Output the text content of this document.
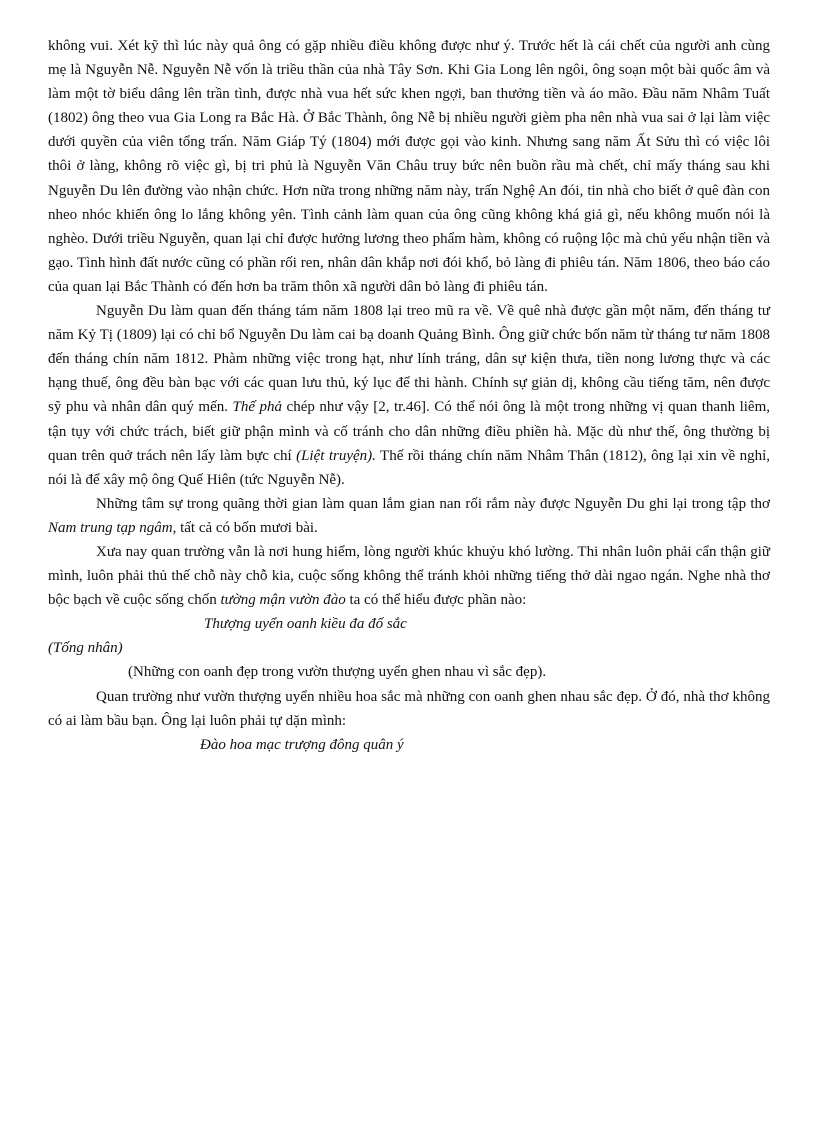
không vui. Xét kỹ thì lúc này quả ông có gặp nhiều điều không được như ý. Trước hết là cái chết của người anh cùng mẹ là Nguyễn Nễ. Nguyễn Nễ vốn là triều thần của nhà Tây Sơn. Khi Gia Long lên ngôi, ông soạn một bài quốc âm và làm một tờ biểu dâng lên trần tình, được nhà vua hết sức khen ngợi, ban thưởng tiền và áo mão. Đầu năm Nhâm Tuất (1802) ông theo vua Gia Long ra Bắc Hà. Ở Bắc Thành, ông Nễ bị nhiều người gièm pha nên nhà vua sai ở lại làm việc dưới quyền của viên tổng trấn. Năm Giáp Tý (1804) mới được gọi vào kinh. Nhưng sang năm Ất Sửu thì có việc lôi thôi ở làng, không rõ việc gì, bị tri phủ là Nguyễn Văn Châu truy bức nên buồn rầu mà chết, chỉ mấy tháng sau khi Nguyễn Du lên đường vào nhận chức. Hơn nữa trong những năm này, trấn Nghệ An đói, tin nhà cho biết ở quê đàn con nheo nhóc khiến ông lo lắng không yên. Tình cảnh làm quan của ông cũng không khá giả gì, nếu không muốn nói là nghèo. Dưới triều Nguyễn, quan lại chỉ được hưởng lương theo phẩm hàm, không có ruộng lộc mà chủ yếu nhận tiền và gạo. Tình hình đất nước cũng có phần rối ren, nhân dân khắp nơi đói khổ, bỏ làng đi phiêu tán. Năm 1806, theo báo cáo của quan lại Bắc Thành có đến hơn ba trăm thôn xã người dân bỏ làng đi phiêu tán.

Nguyễn Du làm quan đến tháng tám năm 1808 lại treo mũ ra về. Về quê nhà được gần một năm, đến tháng tư năm Kỷ Tị (1809) lại có chỉ bổ Nguyễn Du làm cai bạ doanh Quảng Bình. Ông giữ chức bốn năm từ tháng tư năm 1808 đến tháng chín năm 1812. Phàm những việc trong hạt, như lính tráng, dân sự kiện thưa, tiền nong lương thực và các hạng thuế, ông đều bàn bạc với các quan lưu thủ, ký lục để thi hành. Chính sự giản dị, không cầu tiếng tăm, nên được sỹ phu và nhân dân quý mến. Thế phả chép như vậy [2, tr.46]. Có thể nói ông là một trong những vị quan thanh liêm, tận tụy với chức trách, biết giữ phận mình và cố tránh cho dân những điều phiền hà. Mặc dù như thế, ông thường bị quan trên quở trách nên lấy làm bực chí (Liệt truyện). Thế rồi tháng chín năm Nhâm Thân (1812), ông lại xin về nghỉ, nói là để xây mộ ông Quế Hiên (tức Nguyễn Nễ).

Những tâm sự trong quãng thời gian làm quan lắm gian nan rối rắm này được Nguyễn Du ghi lại trong tập thơ Nam trung tạp ngâm, tất cả có bốn mươi bài.

Xưa nay quan trường vẫn là nơi hung hiểm, lòng người khúc khuỷu khó lường. Thi nhân luôn phải cẩn thận giữ mình, luôn phải thủ thế chỗ này chỗ kia, cuộc sống không thể tránh khỏi những tiếng thở dài ngao ngán. Nghe nhà thơ bộc bạch về cuộc sống chốn tường mận vườn đào ta có thể hiểu được phần nào:

Thượng uyển oanh kiều đa đố sắc

(Tống nhân)

(Những con oanh đẹp trong vườn thượng uyển ghen nhau vì sắc đẹp).

Quan trường như vườn thượng uyển nhiều hoa sắc mà những con oanh ghen nhau sắc đẹp. Ở đó, nhà thơ không có ai làm bầu bạn. Ông lại luôn phải tự dặn mình:

Đào hoa mạc trượng đông quân ý
